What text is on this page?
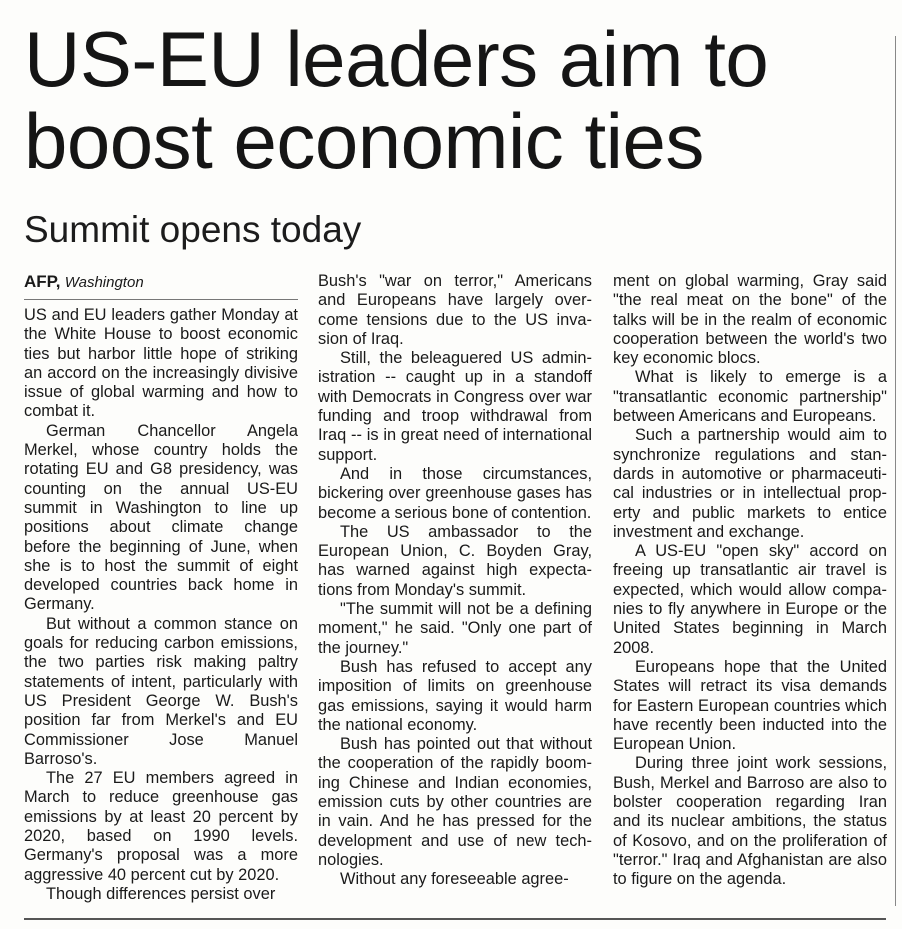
US-EU leaders aim to boost economic ties
Summit opens today
AFP, Washington

US and EU leaders gather Monday at the White House to boost economic ties but harbor little hope of striking an accord on the increasingly divisive issue of global warming and how to combat it.

German Chancellor Angela Merkel, whose country holds the rotating EU and G8 presidency, was counting on the annual US-EU summit in Washington to line up positions about climate change before the beginning of June, when she is to host the summit of eight developed countries back home in Germany.

But without a common stance on goals for reducing carbon emissions, the two parties risk making paltry statements of intent, particularly with US President George W. Bush's position far from Merkel's and EU Commissioner Jose Manuel Barroso's.

The 27 EU members agreed in March to reduce greenhouse gas emissions by at least 20 percent by 2020, based on 1990 levels. Germany's proposal was a more aggressive 40 percent cut by 2020.

Though differences persist over

Bush's "war on terror," Americans and Europeans have largely overcome tensions due to the US invasion of Iraq.

Still, the beleaguered US administration -- caught up in a standoff with Democrats in Congress over war funding and troop withdrawal from Iraq -- is in great need of international support.

And in those circumstances, bickering over greenhouse gases has become a serious bone of contention.

The US ambassador to the European Union, C. Boyden Gray, has warned against high expectations from Monday's summit.

"The summit will not be a defining moment," he said. "Only one part of the journey."

Bush has refused to accept any imposition of limits on greenhouse gas emissions, saying it would harm the national economy.

Bush has pointed out that without the cooperation of the rapidly booming Chinese and Indian economies, emission cuts by other countries are in vain. And he has pressed for the development and use of new technologies.

Without any foreseeable agree-

ment on global warming, Gray said "the real meat on the bone" of the talks will be in the realm of economic cooperation between the world's two key economic blocs.

What is likely to emerge is a "transatlantic economic partnership" between Americans and Europeans.

Such a partnership would aim to synchronize regulations and standards in automotive or pharmaceutical industries or in intellectual property and public markets to entice investment and exchange.

A US-EU "open sky" accord on freeing up transatlantic air travel is expected, which would allow companies to fly anywhere in Europe or the United States beginning in March 2008.

Europeans hope that the United States will retract its visa demands for Eastern European countries which have recently been inducted into the European Union.

During three joint work sessions, Bush, Merkel and Barroso are also to bolster cooperation regarding Iran and its nuclear ambitions, the status of Kosovo, and on the proliferation of "terror." Iraq and Afghanistan are also to figure on the agenda.
